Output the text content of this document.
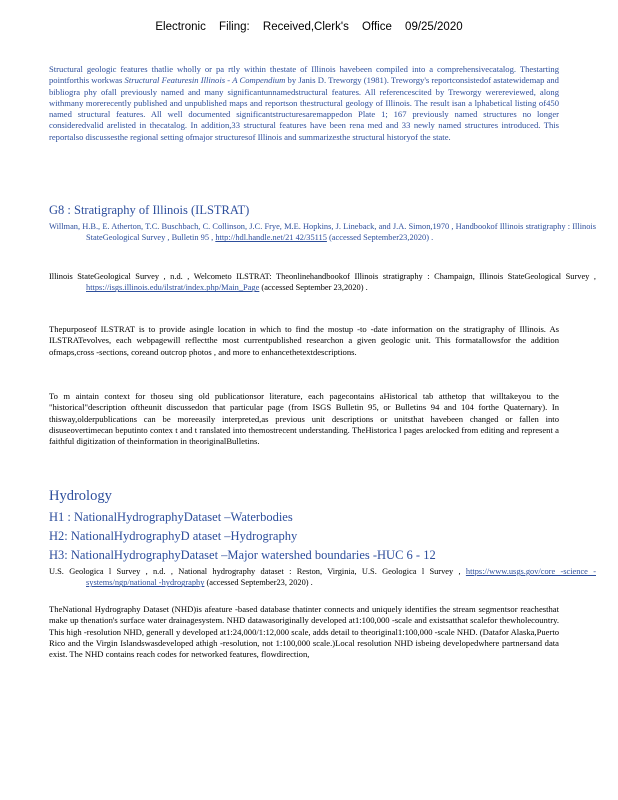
Electronic Filing: Received,Clerk's Office 09/25/2020

Structural geologic features thatlie wholly or pa rtly within thestate of Illinois havebeen compiled into a comprehensivecatalog. Thestarting pointforthis workwas Structural Featuresin Illinois - A Compendium by Janis D. Treworgy (1981). Treworgy's reportconsistedof astatewidemap and bibliogra phy ofall previously named and many significantunnamedstructural features. All referencescited by Treworgy werereviewed, along withmany morerecently published and unpublished maps and reportson thestructural geology of Illinois. The result isan a lphabetical listing of450 named structural features. All well documented significantstructuresaremappedon Plate 1; 167 previously named structures no longer consideredvalid arelisted in thecatalog. In addition,33 structural features have been rena med and 33 newly named structures introduced. This reportalso discussesthe regional setting ofmajor structuresof Illinois and summarizesthe structural historyof the state.

G8 : Stratigraphy of Illinois (ILSTRAT)

Willman, H.B., E. Atherton, T.C. Buschbach, C. Collinson, J.C. Frye, M.E. Hopkins, J. Lineback, and J.A. Simon,1970 , Handbookof Illinois stratigraphy : Illinois StateGeological Survey , Bulletin 95 , http://hdl.handle.net/21 42/35115 (accessed September23,2020) .

Illinois StateGeological Survey , n.d. , Welcometo ILSTRAT: Theonlinehandbookof Illinois stratigraphy : Champaign, Illinois StateGeological Survey , https://isgs.illinois.edu/ilstrat/index.php/Main_Page (accessed September 23,2020) .

Thepurposeof ILSTRAT is to provide asingle location in which to find the mostup -to -date information on the stratigraphy of Illinois. As ILSTRATevolves, each webpagewill reflectthe most currentpublished researchon a given geologic unit. This formatallowsfor the addition ofmaps,cross -sections, coreand outcrop photos , and more to enhancethetextdescriptions.

To m aintain context for thoseu sing old publicationsor literature, each pagecontains aHistorical tab atthetop that willtakeyou to the "historical"description oftheunit discussedon that particular page (from ISGS Bulletin 95, or Bulletins 94 and 104 forthe Quaternary). In thisway,olderpublications can be moreeasily interpreted,as previous unit descriptions or unitsthat havebeen changed or fallen into disuseovertimecan beputinto contex t and t ranslated into themostrecent understanding. TheHistorica l pages arelocked from editing and represent a faithful digitization of theinformation in theoriginalBulletins.

Hydrology
H1 : NationalHydrographyDataset –Waterbodies
H2: NationalHydrographyD ataset –Hydrography
H3: NationalHydrographyDataset –Major watershed boundaries -HUC 6 - 12

U.S. Geologica l Survey , n.d. , National hydrography dataset : Reston, Virginia, U.S. Geologica l Survey , https://www.usgs.gov/core -science -systems/ngp/national -hydrography (accessed September23, 2020) .

TheNational Hydrography Dataset (NHD)is afeature -based database thatinter connects and uniquely identifies the stream segmentsor reachesthat make up thenation's surface water drainagesystem. NHD datawasoriginally developed at1:100,000 -scale and existsatthat scalefor thewholecountry. This high -resolution NHD, generall y developed at1:24,000/1:12,000 scale, adds detail to theoriginal1:100,000 -scale NHD. (Datafor Alaska,Puerto Rico and the Virgin Islandswasdeveloped athigh -resolution, not 1:100,000 scale.)Local resolution NHD isbeing developedwhere partnersand data exist. The NHD contains reach codes for networked features, flowdirection,
